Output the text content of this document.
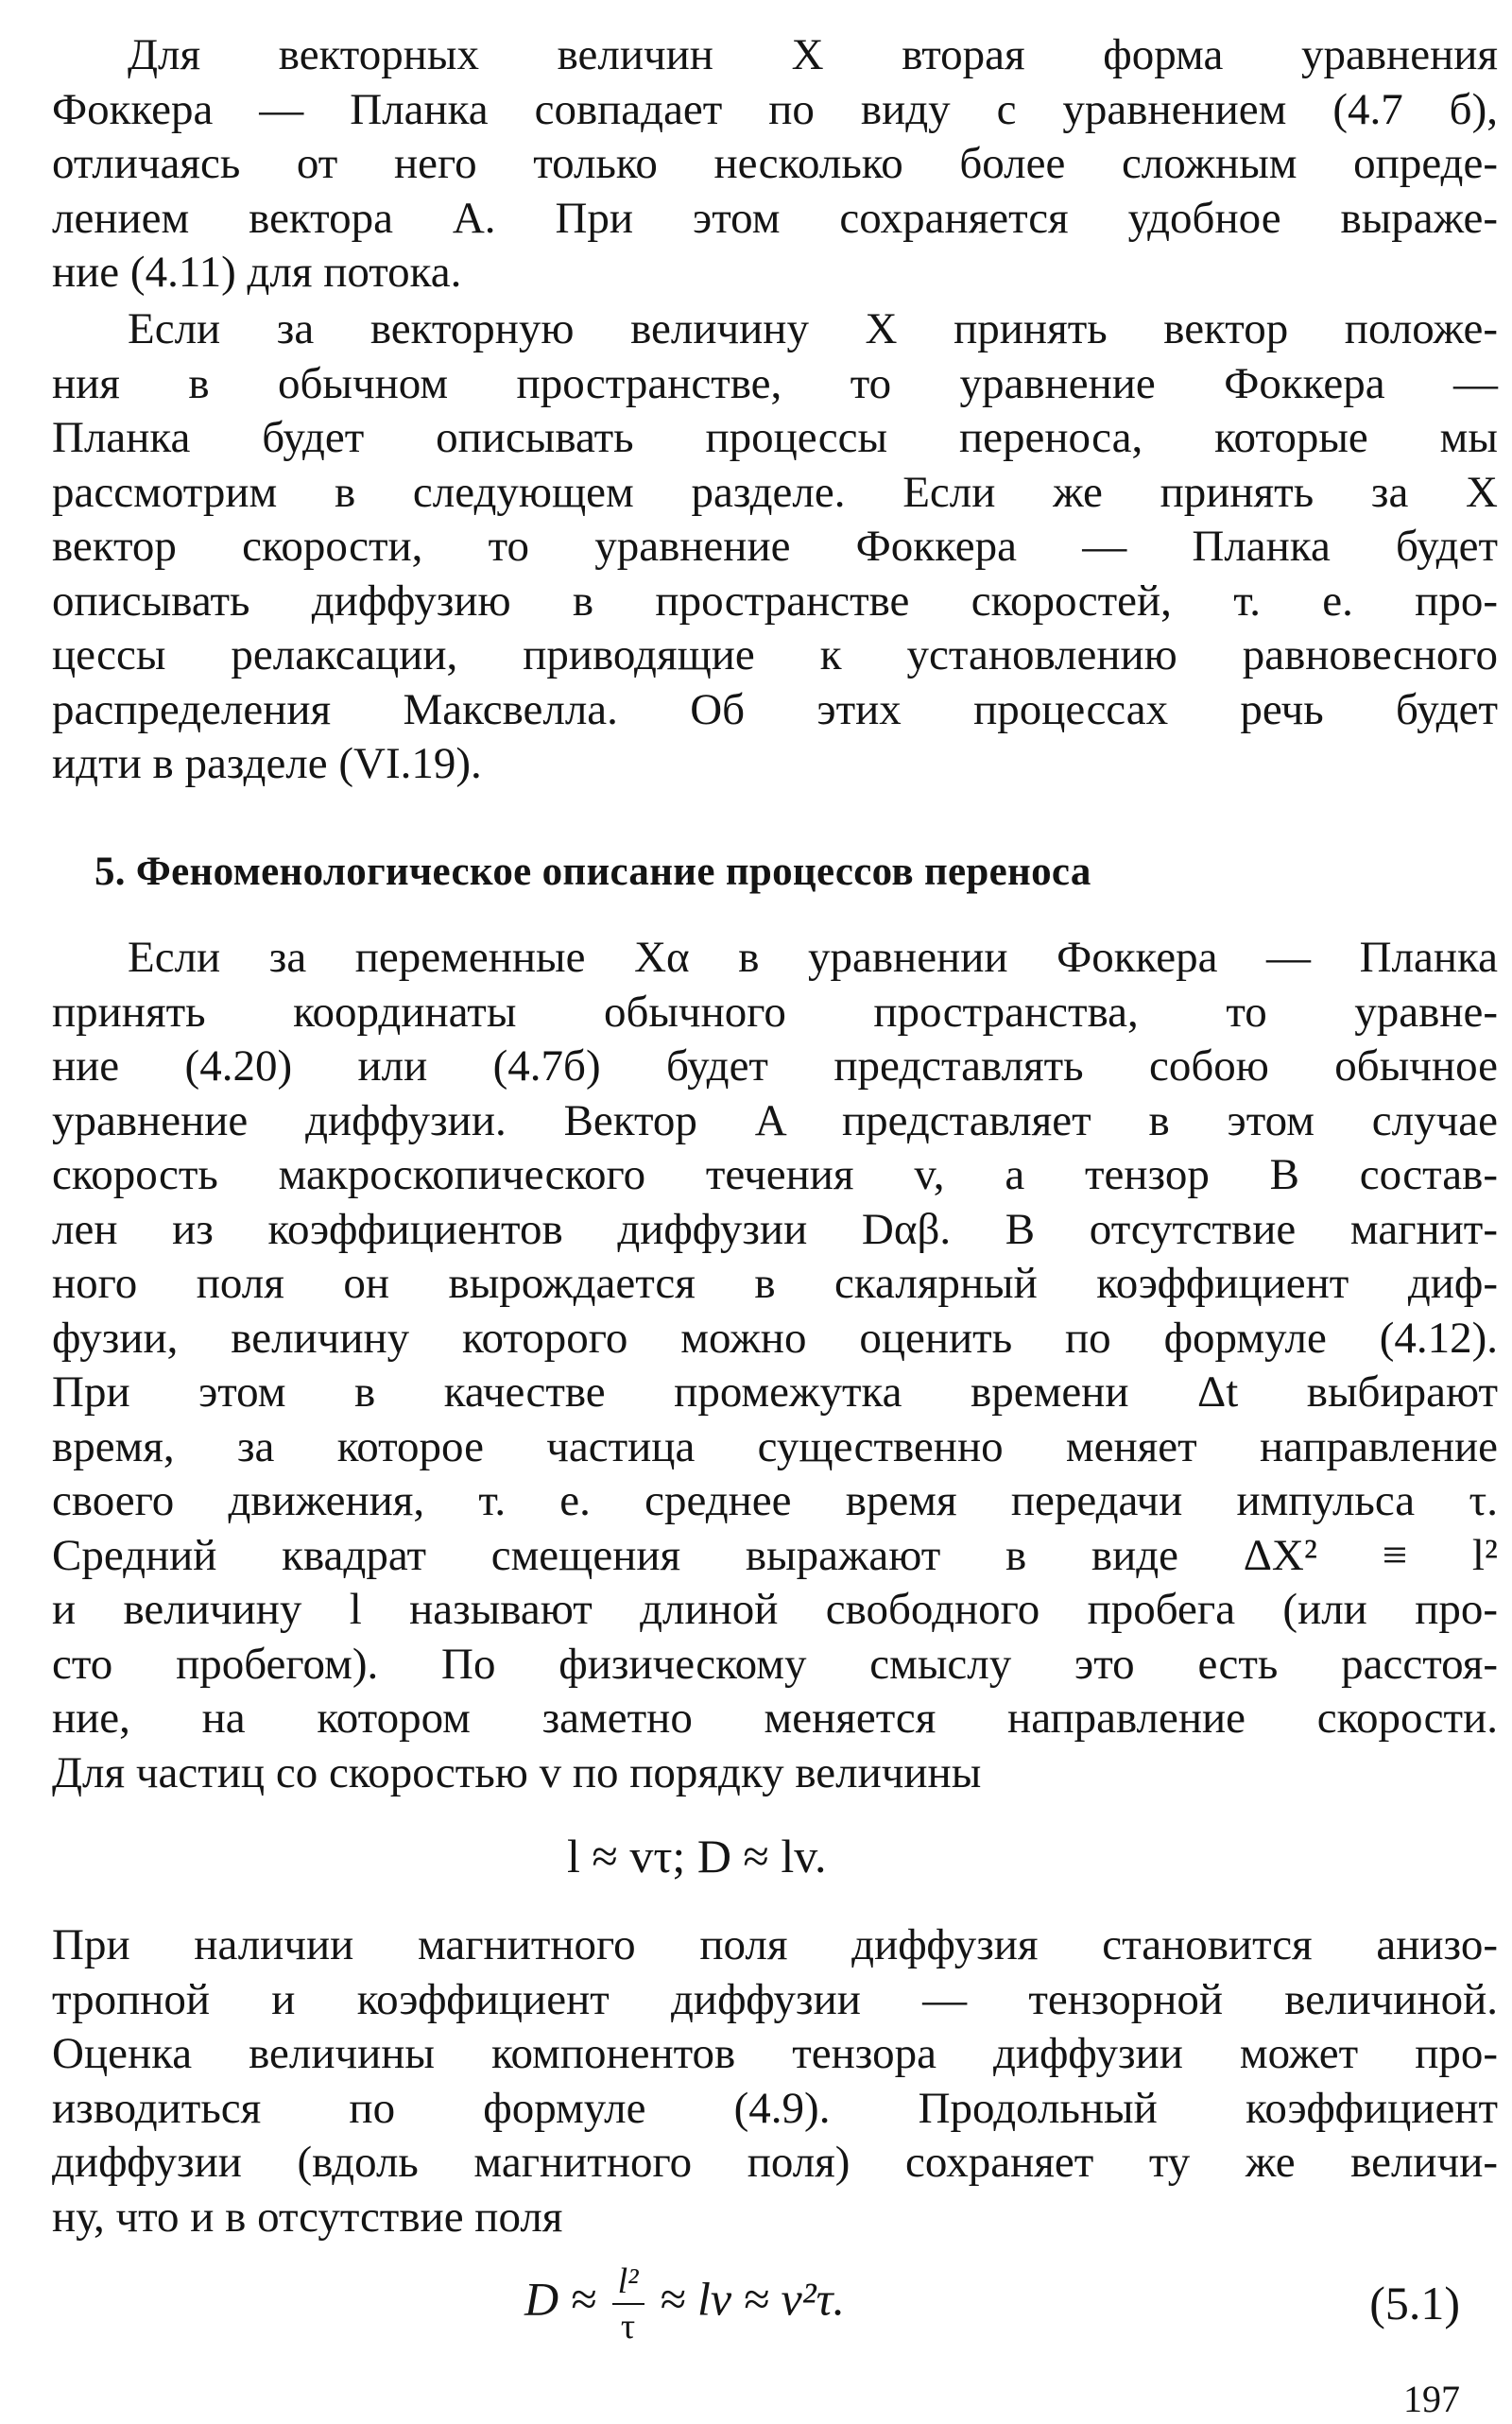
Для векторных величин X вторая форма уравнения
Фоккера — Планка совпадает по виду с уравнением (4.7 б),
отличаясь от него только несколько более сложным опреде-
лением вектора A. При этом сохраняется удобное выраже-
ние (4.11) для потока.

Если за векторную величину X принять вектор положе-
ния в обычном пространстве, то уравнение Фоккера —
Планка будет описывать процессы переноса, которые мы
рассмотрим в следующем разделе. Если же принять за X
вектор скорости, то уравнение Фоккера — Планка будет
описывать диффузию в пространстве скоростей, т. е. про-
цессы релаксации, приводящие к установлению равновесного
распределения Максвелла. Об этих процессах речь будет
идти в разделе (VI.19).

5. Феноменологическое описание процессов переноса

Если за переменные Xα в уравнении Фоккера — Планка
принять координаты обычного пространства, то уравне-
ние (4.20) или (4.7б) будет представлять собою обычное
уравнение диффузии. Вектор A представляет в этом случае
скорость макроскопического течения v, а тензор B состав-
лен из коэффициентов диффузии Dαβ. В отсутствие магнит-
ного поля он вырождается в скалярный коэффициент диф-
фузии, величину которого можно оценить по формуле (4.12).
При этом в качестве промежутка времени Δt выбирают
время, за которое частица существенно меняет направление
своего движения, т. е. среднее время передачи импульса τ.
Средний квадрат смещения выражают в виде ΔX² ≡ l²
и величину l называют длиной свободного пробега (или про-
сто пробегом). По физическому смыслу это есть расстоя-
ние, на котором заметно меняется направление скорости.
Для частиц со скоростью v по порядку величины

l ≈ vτ; D ≈ lv.

При наличии магнитного поля диффузия становится анизо-
тропной и коэффициент диффузии — тензорной величиной.
Оценка величины компонентов тензора диффузии может про-
изводиться по формуле (4.9). Продольный коэффициент
диффузии (вдоль магнитного поля) сохраняет ту же величи-
ну, что и в отсутствие поля

$D \approx \frac{\text{l²}}{\tau}$ ≈ lv ≈ v²τ.	(5.1)
197
